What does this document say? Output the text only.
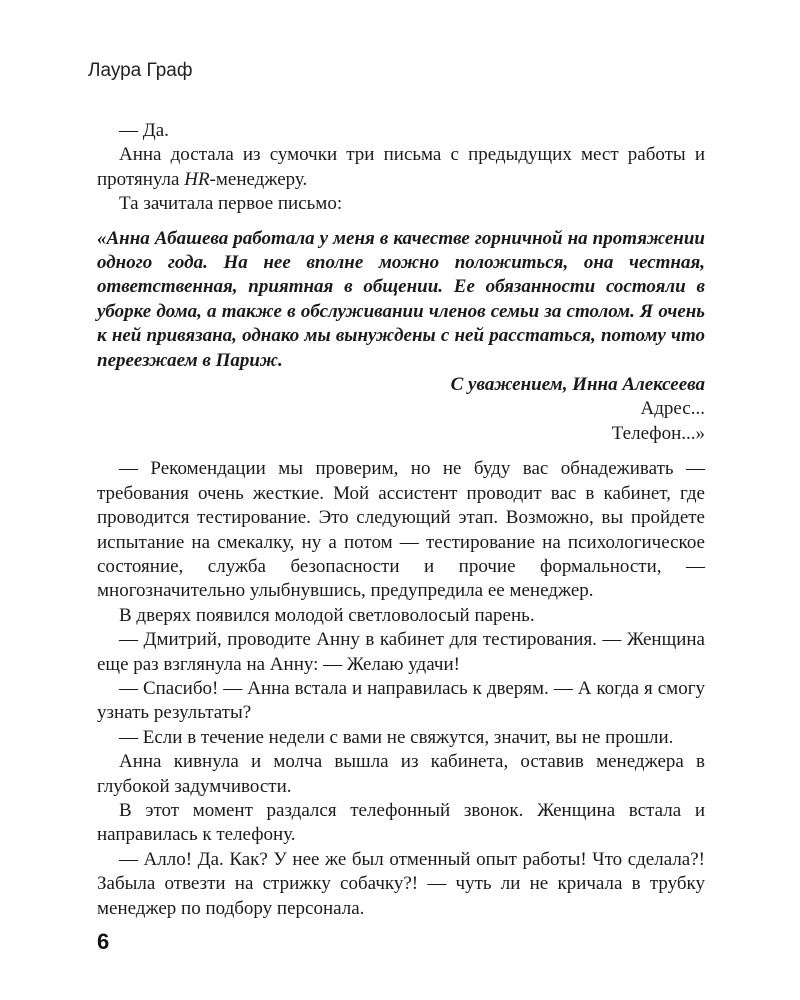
Лаура Граф

— Да.

Анна достала из сумочки три письма с предыдущих мест работы и протянула HR-менеджеру.

Та зачитала первое письмо:

«Анна Абашева работала у меня в качестве горничной на протяжении одного года. На нее вполне можно положиться, она честная, ответственная, приятная в общении. Ее обязанности состояли в уборке дома, а также в обслуживании членов семьи за столом. Я очень к ней привязана, однако мы вынуждены с ней расстаться, потому что переезжаем в Париж.

С уважением, Инна Алексеева

Адрес...

Телефон...»

— Рекомендации мы проверим, но не буду вас обнадеживать — требования очень жесткие. Мой ассистент проводит вас в кабинет, где проводится тестирование. Это следующий этап. Возможно, вы пройдете испытание на смекалку, ну а потом — тестирование на психологическое состояние, служба безопасности и прочие формальности, — многозначительно улыбнувшись, предупредила ее менеджер.

В дверях появился молодой светловолосый парень.

— Дмитрий, проводите Анну в кабинет для тестирования. — Женщина еще раз взглянула на Анну: — Желаю удачи!

— Спасибо! — Анна встала и направилась к дверям. — А когда я смогу узнать результаты?

— Если в течение недели с вами не свяжутся, значит, вы не прошли.

Анна кивнула и молча вышла из кабинета, оставив менеджера в глубокой задумчивости.

В этот момент раздался телефонный звонок. Женщина встала и направилась к телефону.

— Алло! Да. Как? У нее же был отменный опыт работы! Что сделала?! Забыла отвезти на стрижку собачку?! — чуть ли не кричала в трубку менеджер по подбору персонала.

6
